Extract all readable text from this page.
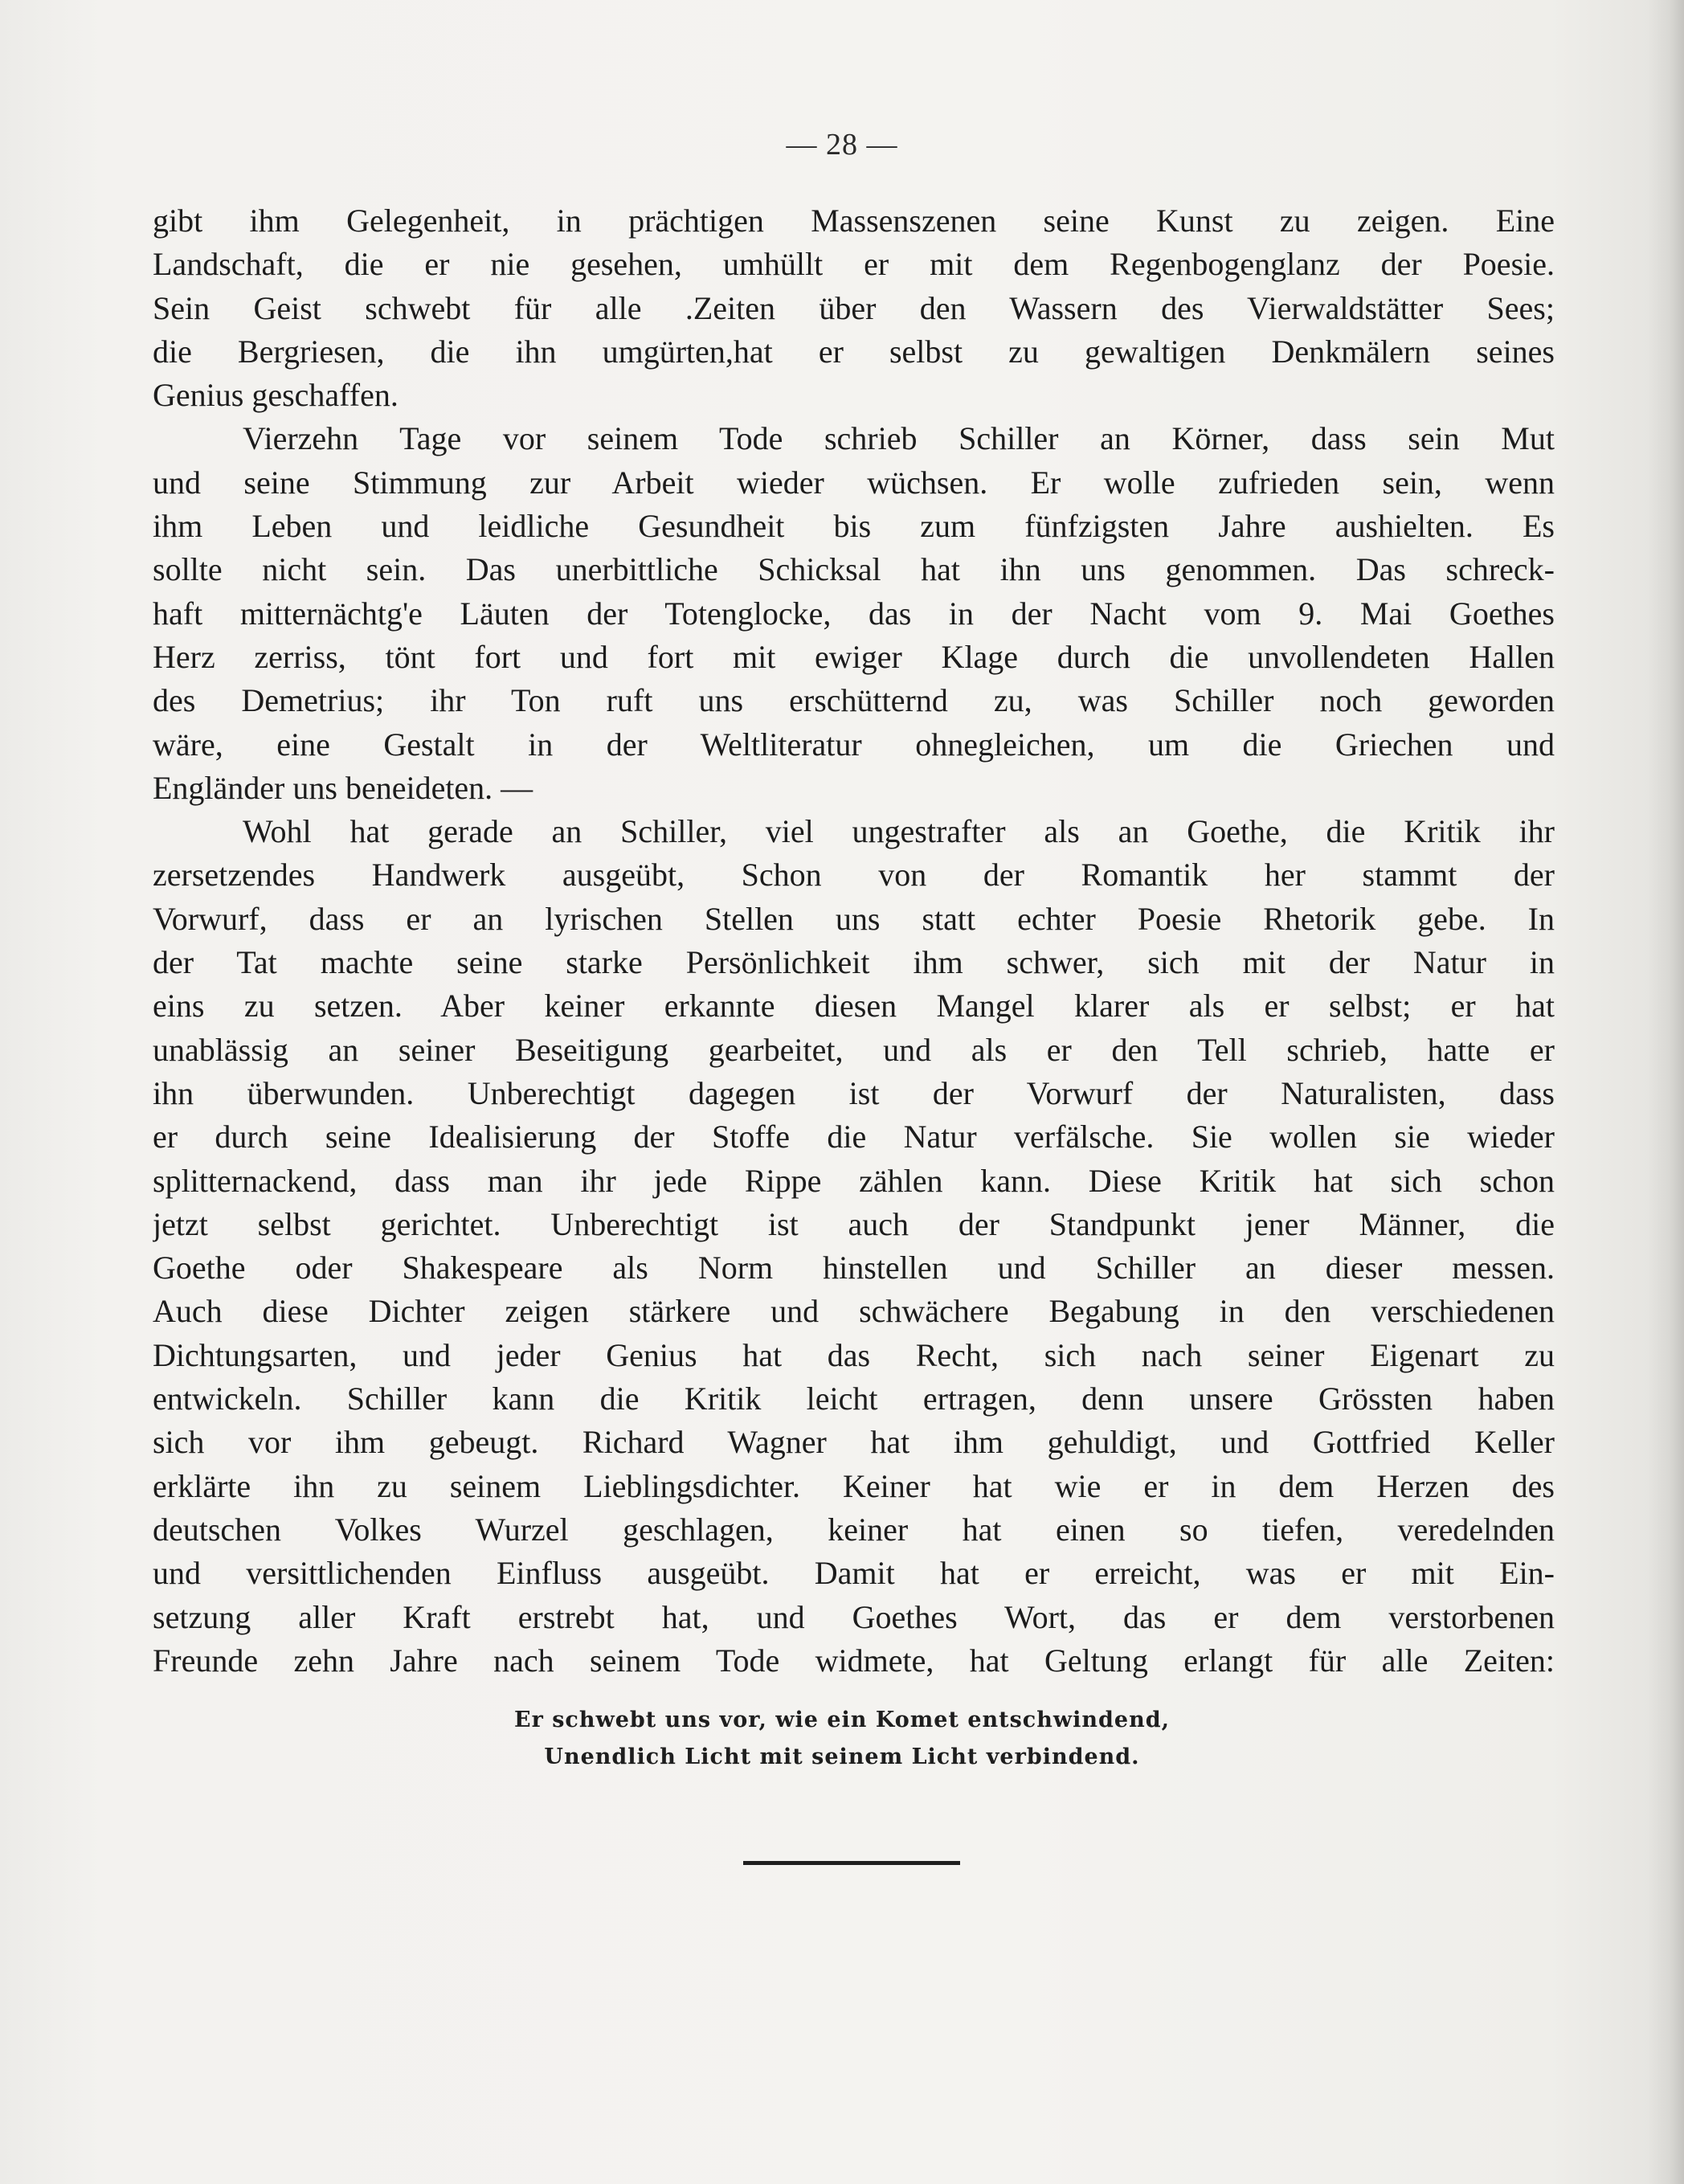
— 28 —
gibt ihm Gelegenheit, in prächtigen Massenszenen seine Kunst zu zeigen. Eine
Landschaft, die er nie gesehen, umhüllt er mit dem Regenbogenglanz der Poesie.
Sein Geist schwebt für alle .Zeiten über den Wassern des Vierwaldstätter Sees;
die Bergriesen, die ihn umgürten,hat er selbst zu gewaltigen Denkmälern seines
Genius geschaffen.
Vierzehn Tage vor seinem Tode schrieb Schiller an Körner, dass sein Mut
und seine Stimmung zur Arbeit wieder wüchsen. Er wolle zufrieden sein, wenn
ihm Leben und leidliche Gesundheit bis zum fünfzigsten Jahre aushielten. Es
sollte nicht sein. Das unerbittliche Schicksal hat ihn uns genommen. Das schreck-
haft mitternächtg'e Läuten der Totenglocke, das in der Nacht vom 9. Mai Goethes
Herz zerriss, tönt fort und fort mit ewiger Klage durch die unvollendeten Hallen
des Demetrius; ihr Ton ruft uns erschütternd zu, was Schiller noch geworden
wäre, eine Gestalt in der Weltliteratur ohnegleichen, um die Griechen und
Engländer uns beneideten. —
Wohl hat gerade an Schiller, viel ungestrafter als an Goethe, die Kritik ihr
zersetzendes Handwerk ausgeübt, Schon von der Romantik her stammt der
Vorwurf, dass er an lyrischen Stellen uns statt echter Poesie Rhetorik gebe. In
der Tat machte seine starke Persönlichkeit ihm schwer, sich mit der Natur in
eins zu setzen. Aber keiner erkannte diesen Mangel klarer als er selbst; er hat
unablässig an seiner Beseitigung gearbeitet, und als er den Tell schrieb, hatte er
ihn überwunden. Unberechtigt dagegen ist der Vorwurf der Naturalisten, dass
er durch seine Idealisierung der Stoffe die Natur verfälsche. Sie wollen sie wieder
splitternackend, dass man ihr jede Rippe zählen kann. Diese Kritik hat sich schon
jetzt selbst gerichtet. Unberechtigt ist auch der Standpunkt jener Männer, die
Goethe oder Shakespeare als Norm hinstellen und Schiller an dieser messen.
Auch diese Dichter zeigen stärkere und schwächere Begabung in den verschiedenen
Dichtungsarten, und jeder Genius hat das Recht, sich nach seiner Eigenart zu
entwickeln. Schiller kann die Kritik leicht ertragen, denn unsere Grössten haben
sich vor ihm gebeugt. Richard Wagner hat ihm gehuldigt, und Gottfried Keller
erklärte ihn zu seinem Lieblingsdichter. Keiner hat wie er in dem Herzen des
deutschen Volkes Wurzel geschlagen, keiner hat einen so tiefen, veredelnden
und versittlichenden Einfluss ausgeübt. Damit hat er erreicht, was er mit Ein-
setzung aller Kraft erstrebt hat, und Goethes Wort, das er dem verstorbenen
Freunde zehn Jahre nach seinem Tode widmete, hat Geltung erlangt für alle Zeiten:
Er schwebt uns vor, wie ein Komet entschwindend,
Unendlich Licht mit seinem Licht verbindend.
